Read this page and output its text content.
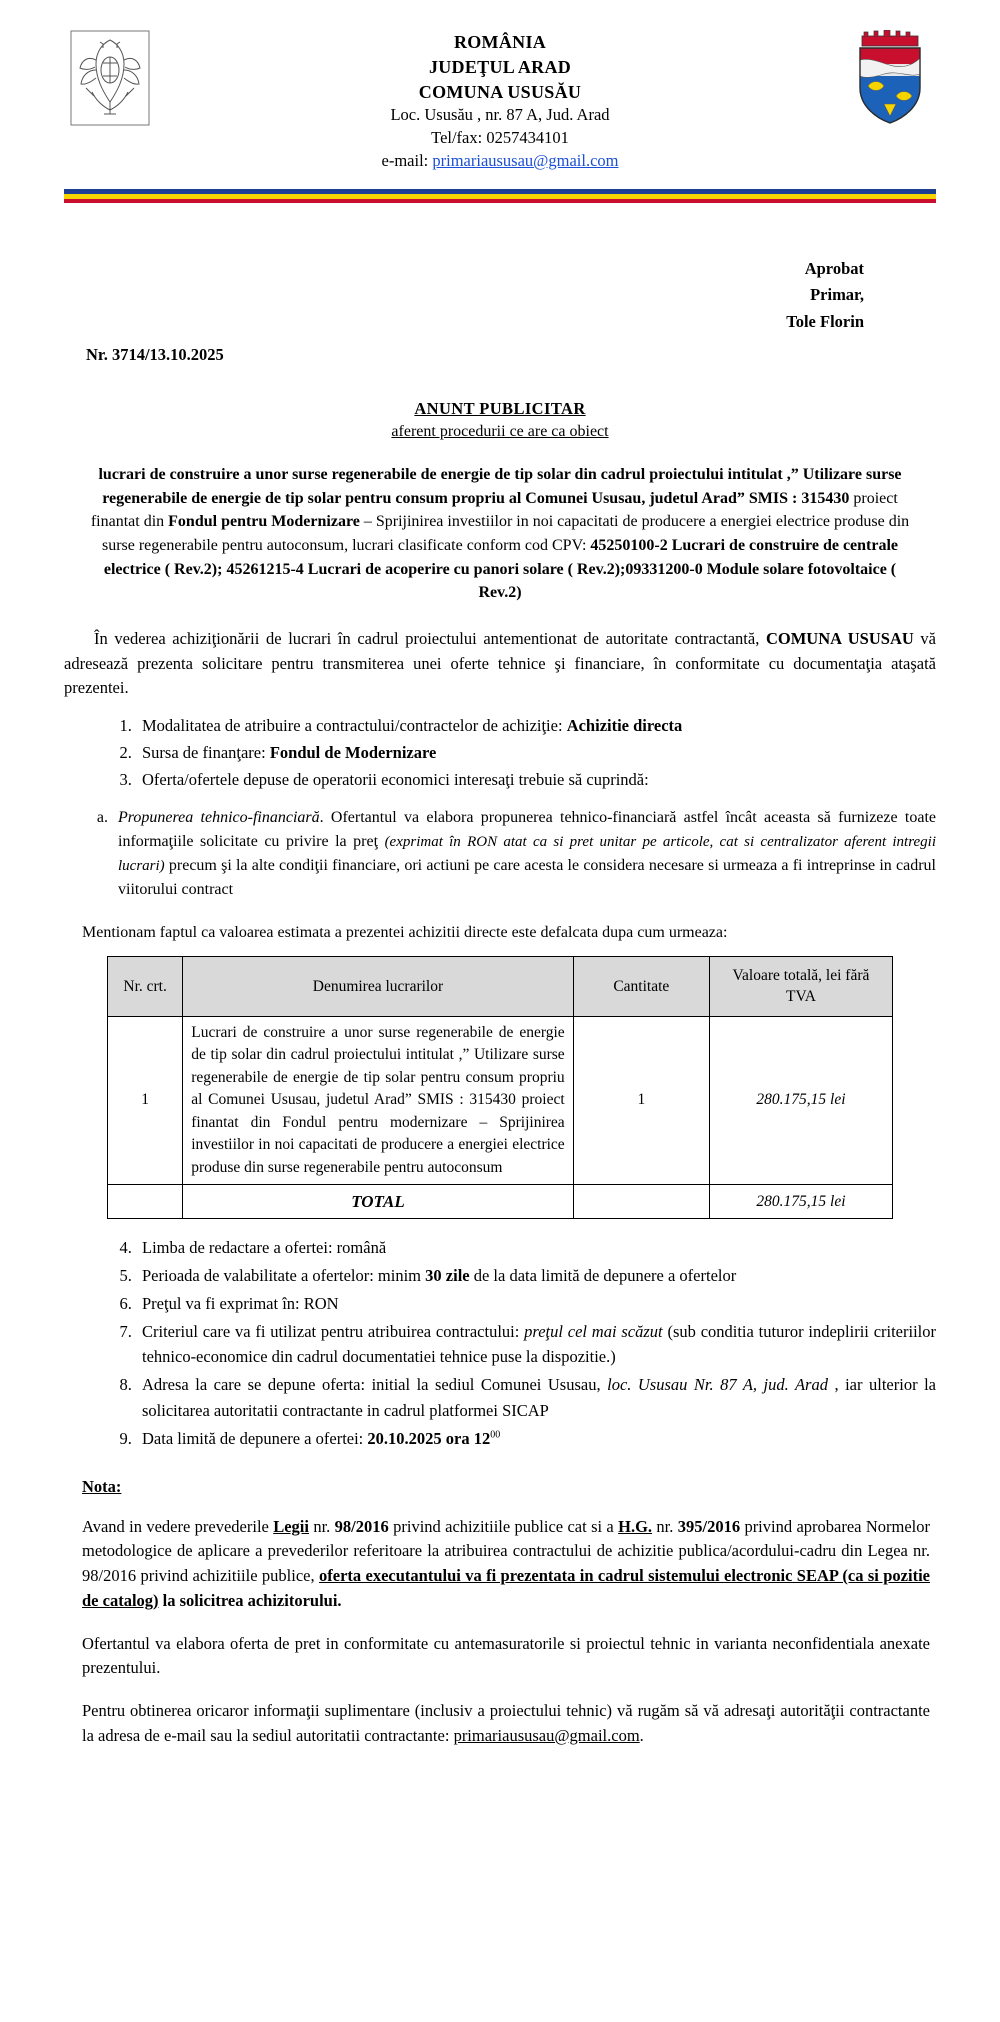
ROMÂNIA
JUDEŢUL ARAD
COMUNA USUSĂU
Loc. Ususău , nr. 87 A, Jud. Arad
Tel/fax: 0257434101
e-mail: primariaususau@gmail.com
Aprobat
Primar,
Tole Florin
Nr. 3714/13.10.2025
ANUNT PUBLICITAR
aferent procedurii ce are ca obiect
lucrari de construire a unor surse regenerabile de energie de tip solar din cadrul proiectului intitulat ,” Utilizare surse regenerabile de energie de tip solar pentru consum propriu al Comunei Ususau, judetul Arad” SMIS : 315430 proiect finantat din Fondul pentru Modernizare – Sprijinirea investiilor in noi capacitati de producere a energiei electrice produse din surse regenerabile pentru autoconsum, lucrari clasificate conform cod CPV: 45250100-2 Lucrari de construire de centrale electrice ( Rev.2); 45261215-4 Lucrari de acoperire cu panori solare ( Rev.2);09331200-0 Module solare fotovoltaice ( Rev.2)
În vederea achiziţionării de lucrari în cadrul proiectului antementionat de autoritate contractantă, COMUNA USUSAU vă adresează prezenta solicitare pentru transmiterea unei oferte tehnice şi financiare, în conformitate cu documentaţia ataşată prezentei.
1. Modalitatea de atribuire a contractului/contractelor de achiziţie: Achizitie directa
2. Sursa de finanţare: Fondul de Modernizare
3. Oferta/ofertele depuse de operatorii economici interesaţi trebuie să cuprindă:
a. Propunerea tehnico-financiară. Ofertantul va elabora propunerea tehnico-financiară astfel încât aceasta să furnizeze toate informaţiile solicitate cu privire la preţ (exprimat în RON atat ca si pret unitar pe articole, cat si centralizator aferent intregii lucrari) precum şi la alte condiţii financiare, ori actiuni pe care acesta le considera necesare si urmeaza a fi intreprinse in cadrul viitorului contract
Mentionam faptul ca valoarea estimata a prezentei achizitii directe este defalcata dupa cum urmeaza:
Nr. crt.	Denumirea lucrarilor	Cantitate	Valoare totală, lei fără TVA
1	Lucrari de construire a unor surse regenerabile de energie de tip solar din cadrul proiectului intitulat ,” Utilizare surse regenerabile de energie de tip solar pentru consum propriu al Comunei Ususau, judetul Arad” SMIS : 315430 proiect finantat din Fondul pentru modernizare – Sprijinirea investiilor in noi capacitati de producere a energiei electrice produse din surse regenerabile pentru autoconsum	1	280.175,15 lei
	TOTAL		280.175,15 lei
4. Limba de redactare a ofertei: română
5. Perioada de valabilitate a ofertelor: minim 30 zile de la data limită de depunere a ofertelor
6. Preţul va fi exprimat în: RON
7. Criteriul care va fi utilizat pentru atribuirea contractului: preţul cel mai scăzut (sub conditia tuturor indeplirii criteriilor tehnico-economice din cadrul documentatiei tehnice puse la dispozitie.)
8. Adresa la care se depune oferta: initial la sediul Comunei Ususau, loc. Ususau Nr. 87 A, jud. Arad , iar ulterior la solicitarea autoritatii contractante in cadrul platformei SICAP
9. Data limită de depunere a ofertei: 20.10.2025 ora $12^{00}$
Nota:
Avand in vedere prevederile Legii nr. 98/2016 privind achizitiile publice cat si a H.G. nr. 395/2016 privind aprobarea Normelor metodologice de aplicare a prevederilor referitoare la atribuirea contractului de achizitie publica/acordului-cadru din Legea nr. 98/2016 privind achizitiile publice, oferta executantului va fi prezentata in cadrul sistemului electronic SEAP (ca si pozitie de catalog) la solicitrea achizitorului.
Ofertantul va elabora oferta de pret in conformitate cu antemasuratorile si proiectul tehnic in varianta neconfidentiala anexate prezentului.
Pentru obtinerea oricaror informaţii suplimentare (inclusiv a proiectului tehnic) vă rugăm să vă adresaţi autorităţii contractante la adresa de e-mail sau la sediul autoritatii contractante: primariaususau@gmail.com.
